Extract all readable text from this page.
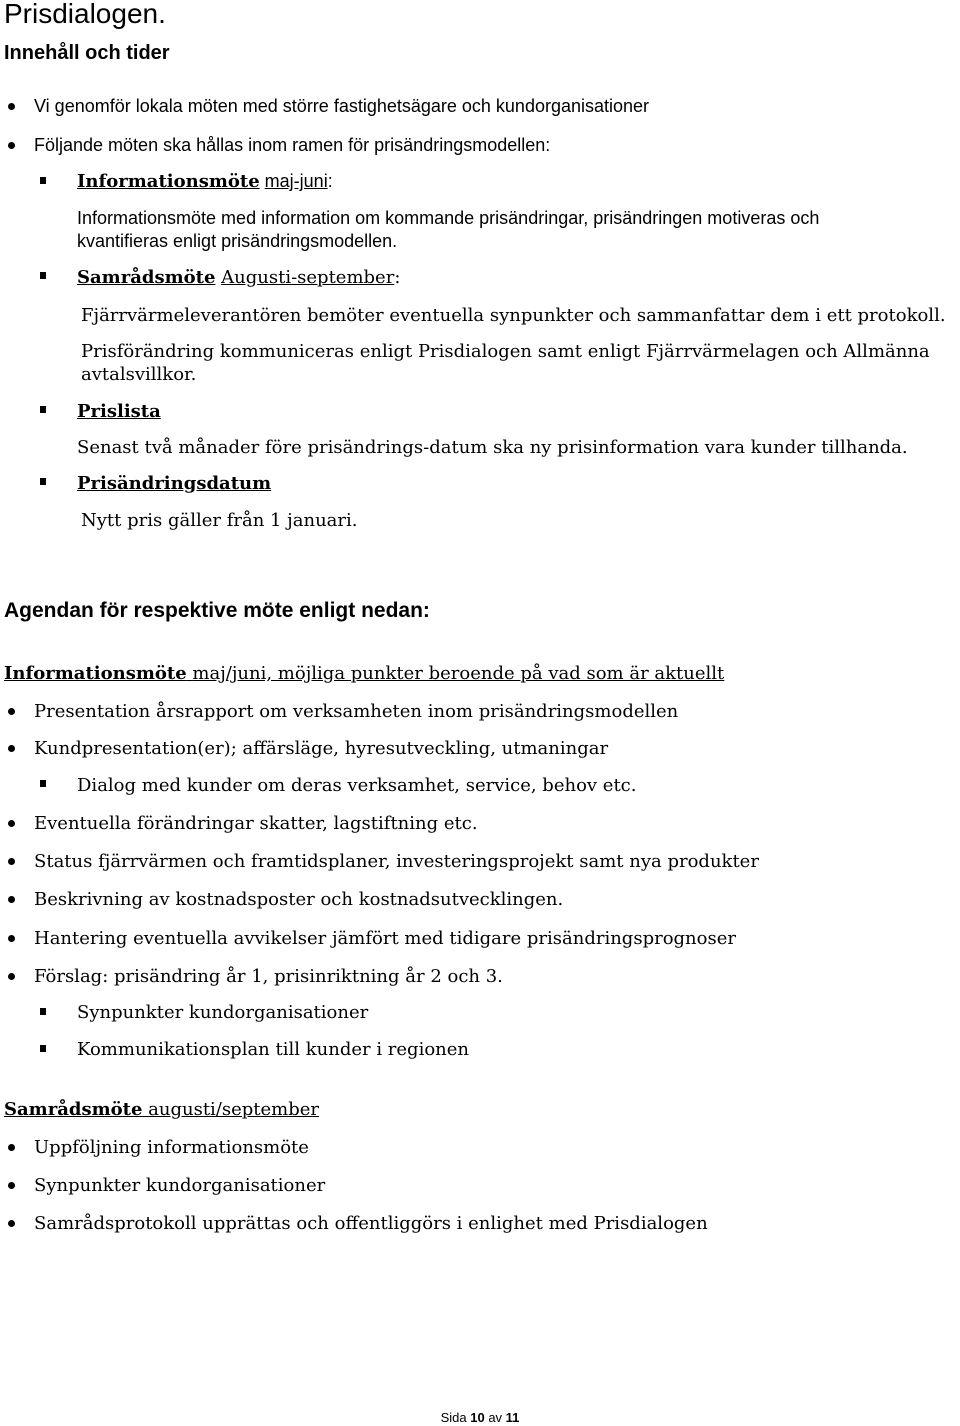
Prisdialogen.
Innehåll och tider
Vi genomför lokala möten med större fastighetsägare och kundorganisationer
Följande möten ska hållas inom ramen för prisändringsmodellen:
Informationsmöte maj-juni:
Informationsmöte med information om kommande prisändringar, prisändringen motiveras och
kvantifieras enligt prisändringsmodellen.
Samrådsmöte Augusti-september:
Fjärrvärmeleverantören bemöter eventuella synpunkter och sammanfattar dem i ett protokoll.
Prisförändring kommuniceras enligt Prisdialogen samt enligt Fjärrvärmelagen och Allmänna
avtalsvillkor.
Prislista
Senast två månader före prisändrings-datum ska ny prisinformation vara kunder tillhanda.
Prisändringsdatum
Nytt pris gäller från 1 januari.
Agendan för respektive möte enligt nedan:
Informationsmöte maj/juni, möjliga punkter beroende på vad som är aktuellt
Presentation årsrapport om verksamheten inom prisändringsmodellen
Kundpresentation(er); affärsläge, hyresutveckling, utmaningar
Dialog med kunder om deras verksamhet, service, behov etc.
Eventuella förändringar skatter, lagstiftning etc.
Status fjärrvärmen och framtidsplaner, investeringsprojekt samt nya produkter
Beskrivning av kostnadsposter och kostnadsutvecklingen.
Hantering eventuella avvikelser jämfört med tidigare prisändringsprognoser
Förslag: prisändring år 1, prisinriktning år 2 och 3.
Synpunkter kundorganisationer
Kommunikationsplan till kunder i regionen
Samrådsmöte augusti/september
Uppföljning informationsmöte
Synpunkter kundorganisationer
Samrådsprotokoll upprättas och offentliggörs i enlighet med Prisdialogen
Sida 10 av 11
